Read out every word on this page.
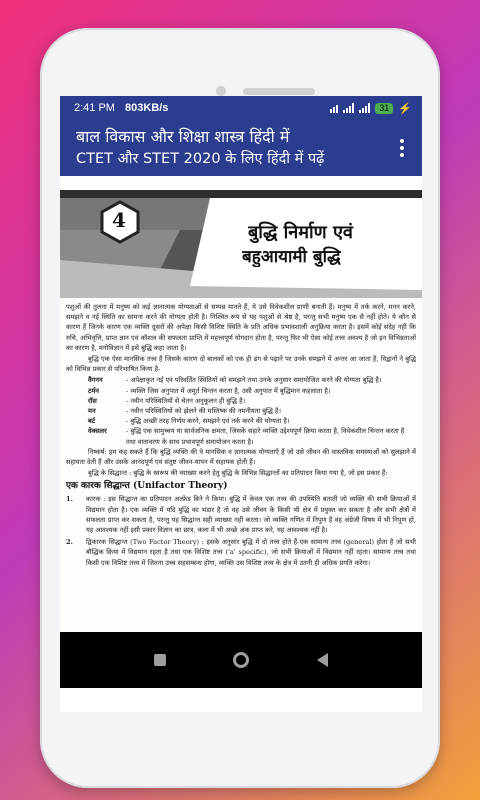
2:41 PM 803KB/s	31 ⚡
बाल विकास और शिक्षा शास्त्र हिंदी में
CTET और STET 2020 के लिए हिंदी में पढ़ें
4
बुद्धि निर्माण एवं
बहुआयामी बुद्धि

पशुओं की तुलना में मनुष्य को कई ज्ञानात्मक योग्यताओं से सम्पन्न मानते हैं, ये उसे विवेकशील प्राणी बनाती हैं। मनुष्य में तर्क करने, मनन करने, समझने व नई स्थिति का सामना करने की योग्यता होती है। निश्चित रूप से यह पशुओं से श्रेष्ठ है, परन्तु सभी मनुष्य एक से नहीं होते। ये कौन से कारण हैं जिनके कारण एक व्यक्ति दूसरों की अपेक्षा किसी विशिष्ट स्थिति के प्रति अधिक प्रभावशाली अनुक्रिया करता है। इसमें कोई संदेह नहीं कि रुचि, अभिवृत्ति, प्राप्त ज्ञान एवं कौशल की सफलता प्राप्ति में महत्त्वपूर्ण योगदान होता है, परन्तु फिर भी ऐसा कोई तत्त्व अवश्य है जो इन विभिन्नताओं का कारण है, मनोविज्ञान में इसे बुद्धि कहा जाता है।

बुद्धि एक ऐसा मानसिक तत्त्व है जिसके कारण दो बालकों को एक ही ढंग से पढ़ाने पर उनके समझने में अन्तर आ जाता है, विद्वानों ने बुद्धि को विभिन्न प्रकार से परिभाषित किया है-

वैगनन	- अपेक्षाकृत नई एवं परिवर्तित स्थितियों को समझने तथा उनके अनुसार समायोजित करने की योग्यता बुद्धि है।
टर्मन	- व्यक्ति जिस अनुपात में अमूर्त चिन्तन करता है, उसी अनुपात में बुद्धिमान कहलाता है।
रॉस	- नवीन परिस्थितियों से चेतन अनुकूलन ही बुद्धि है।
मन	- नवीन परिस्थितियों को झेलने की मस्तिष्क की नमनीयता बुद्धि है।
बर्ट	- बुद्धि अच्छी तरह निर्णय करने, समझने एवं तर्क करने की योग्यता है।
वेक्सलर	- बुद्धि एक सामुच्चय या सार्वजनिक क्षमता, जिसके सहारे व्यक्ति उद्देश्यपूर्ण क्रिया करता है, विवेकशील चिन्तन करता है तथा वातावरण के साथ प्रभावपूर्ण समायोजन करता है।

निष्कर्ष: हम कह सकते हैं कि बुद्धि व्यक्ति की वे मानसिक व ज्ञानात्मक योग्यताएँ हैं जो उसे जीवन की वास्तविक समस्याओं को सुलझाने में सहायता देती हैं और उसके आनंदपूर्ण एवं संतुष्ट जीवन-यापन में सहायक होती हैं।

बुद्धि के सिद्धान्त : बुद्धि के स्वरूप की व्याख्या करने हेतु बुद्धि के विभिन्न सिद्धान्तों का प्रतिपादन किया गया है, जो इस प्रकार हैं:

एक कारक सिद्धान्त (Unifactor Theory)
1.	कारक : इस सिद्धान्त का प्रतिपादन अल्फ्रेड बिने ने किया। बुद्धि में केवल एक तत्त्व की उपस्थिति बताती जो व्यक्ति की सभी क्रियाओं में विद्यमान होता है। एक व्यक्ति में यदि बुद्धि का भंडार है तो वह उसे जीवन के किसी भी क्षेत्र में प्रयुक्त कर सकता है और सभी क्षेत्रों में सफलता प्राप्त कर सकता है, परन्तु यह सिद्धान्त सही व्याख्या नहीं करता। जो व्यक्ति गणित में निपुण है वह अंग्रेजी विषय में भी निपुण हो, यह आवश्यक नहीं इसी प्रकार विज्ञान का छात्र, कला में भी अच्छे अंक प्राप्त करे, यह आवश्यक नहीं है।
2.	द्विकारक सिद्धान्त (Two Factor Theory) : इसके अनुसार बुद्धि में दो तत्त्व होते हैं-एक सामान्य तत्त्व (general) होता है जो सभी बौद्धिक क्रिया में विद्यमान रहता है तथा एक विशिष्ट तत्त्व ('a' specific), जो सभी क्रियाओं में विद्यमान नहीं रहता। सामान्य तत्त्व तथा किसी एक विशिष्ट तत्त्व में जितना उच्च सहसम्बन्ध होगा, व्यक्ति उस विशिष्ट तत्त्व के क्षेत्र में उतनी ही अधिक प्रगति करेगा।
